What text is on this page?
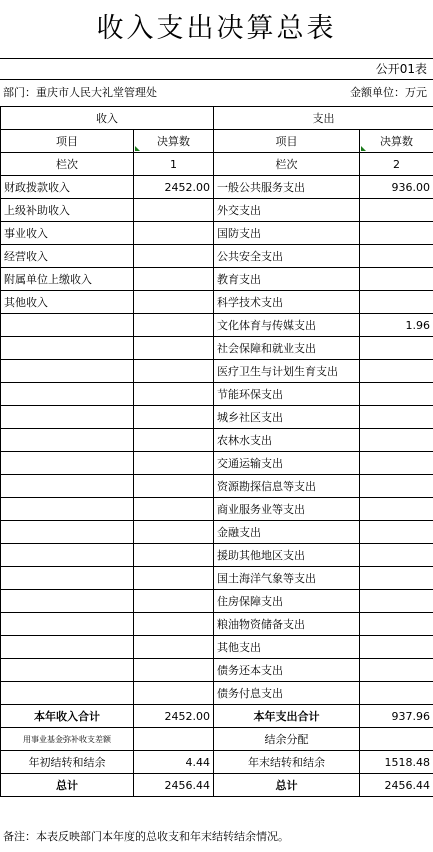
收入支出决算总表
公开01表
部门：重庆市人民大礼堂管理处	金额单位：万元
收入		支出	
项目	决算数	项目	决算数
栏次	1	栏次	2
财政拨款收入	2452.00	一般公共服务支出	936.00
上级补助收入		外交支出	
事业收入		国防支出	
经营收入		公共安全支出	
附属单位上缴收入		教育支出	
其他收入		科学技术支出	
		文化体育与传媒支出	1.96
		社会保障和就业支出	
		医疗卫生与计划生育支出	
		节能环保支出	
		城乡社区支出	
		农林水支出	
		交通运输支出	
		资源勘探信息等支出	
		商业服务业等支出	
		金融支出	
		援助其他地区支出	
		国土海洋气象等支出	
		住房保障支出	
		粮油物资储备支出	
		其他支出	
		债务还本支出	
		债务付息支出	
本年收入合计	2452.00	本年支出合计	937.96
用事业基金弥补收支差额		结余分配	
年初结转和结余	4.44	年末结转和结余	1518.48
总计	2456.44	总计	2456.44
备注：本表反映部门本年度的总收支和年末结转结余情况。
